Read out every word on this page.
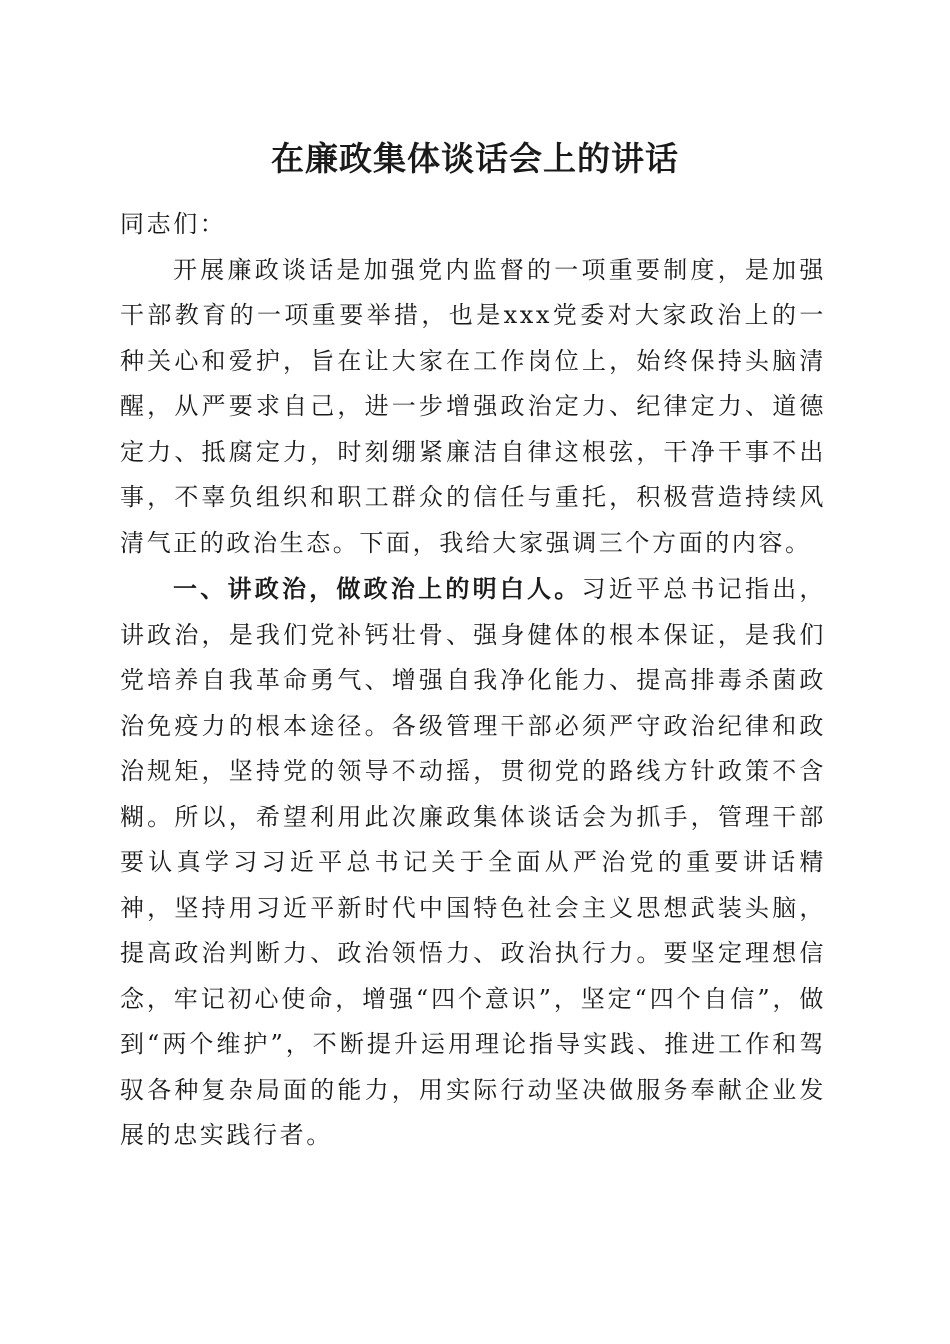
在廉政集体谈话会上的讲话

同志们：

开展廉政谈话是加强党内监督的一项重要制度，是加强干部教育的一项重要举措，也是xxx党委对大家政治上的一种关心和爱护，旨在让大家在工作岗位上，始终保持头脑清醒，从严要求自己，进一步增强政治定力、纪律定力、道德定力、抵腐定力，时刻绷紧廉洁自律这根弦，干净干事不出事，不辜负组织和职工群众的信任与重托，积极营造持续风清气正的政治生态。下面，我给大家强调三个方面的内容。

一、讲政治，做政治上的明白人。习近平总书记指出，讲政治，是我们党补钙壮骨、强身健体的根本保证，是我们党培养自我革命勇气、增强自我净化能力、提高排毒杀菌政治免疫力的根本途径。各级管理干部必须严守政治纪律和政治规矩，坚持党的领导不动摇，贯彻党的路线方针政策不含糊。所以，希望利用此次廉政集体谈话会为抓手，管理干部要认真学习习近平总书记关于全面从严治党的重要讲话精神，坚持用习近平新时代中国特色社会主义思想武装头脑，提高政治判断力、政治领悟力、政治执行力。要坚定理想信念，牢记初心使命，增强“四个意识”，坚定“四个自信”，做到“两个维护”，不断提升运用理论指导实践、推进工作和驾驭各种复杂局面的能力，用实际行动坚决做服务奉献企业发展的忠实践行者。
